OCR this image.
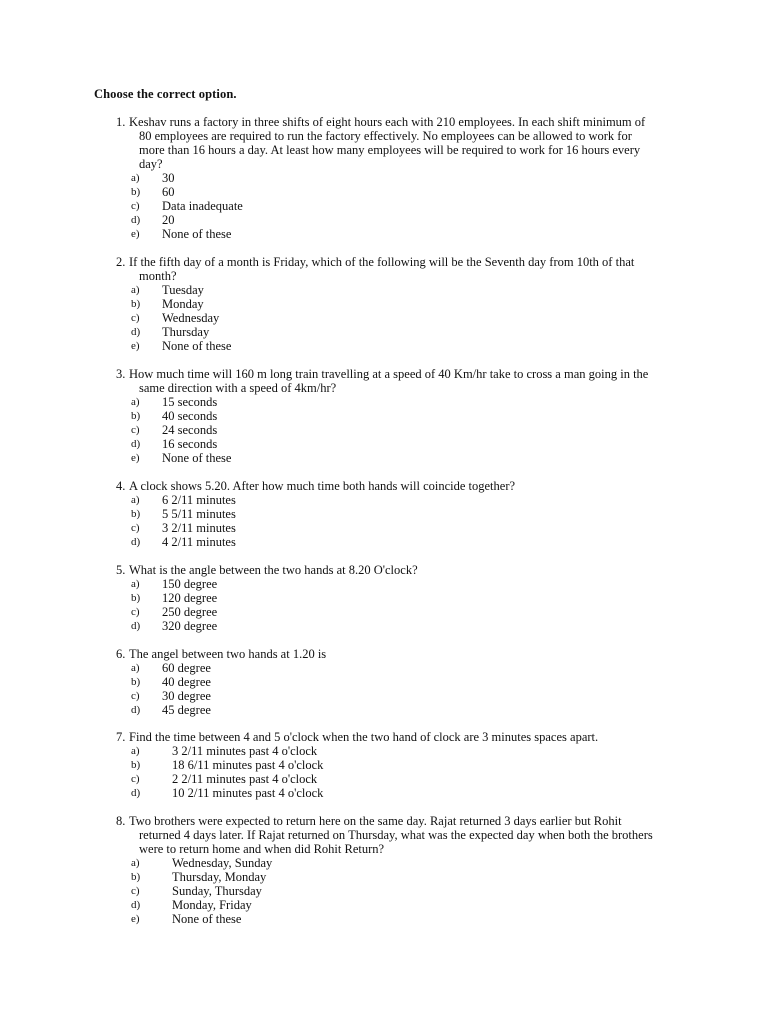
Choose the correct option.
1. Keshav runs a factory in three shifts of eight hours each with 210 employees. In each shift minimum of
80 employees are required to run the factory effectively. No employees can be allowed to work for
more than 16 hours a day. At least how many employees will be required to work for 16 hours every
day?
a) 30
b) 60
c) Data inadequate
d) 20
e) None of these
2. If the fifth day of a month is Friday, which of the following will be the Seventh day from 10th of that
month?
a) Tuesday
b) Monday
c) Wednesday
d) Thursday
e) None of these
3. How much time will 160 m long train travelling at a speed of 40 Km/hr take to cross a man going in the
same direction with a speed of 4km/hr?
a) 15 seconds
b) 40 seconds
c) 24 seconds
d) 16 seconds
e) None of these
4. A clock shows 5.20. After how much time both hands will coincide together?
a) 6 2/11 minutes
b) 5 5/11 minutes
c) 3 2/11 minutes
d) 4 2/11 minutes
5. What is the angle between the two hands at 8.20 O'clock?
a) 150 degree
b) 120 degree
c) 250 degree
d) 320 degree
6. The angel between two hands at 1.20 is
a) 60 degree
b) 40 degree
c) 30 degree
d) 45 degree
7. Find the time between 4 and 5 o'clock when the two hand of clock are 3 minutes spaces apart.
a)	3 2/11 minutes past 4 o'clock
b)	18 6/11 minutes past 4 o'clock
c)	2 2/11 minutes past 4 o'clock
d)	10 2/11 minutes past 4 o'clock
8. Two brothers were expected to return here on the same day. Rajat returned 3 days earlier but Rohit
returned 4 days later. If Rajat returned on Thursday, what was the expected day when both the brothers
were to return home and when did Rohit Return?
a)	Wednesday, Sunday
b)	Thursday, Monday
c)	Sunday, Thursday
d)	Monday, Friday
e)	None of these
